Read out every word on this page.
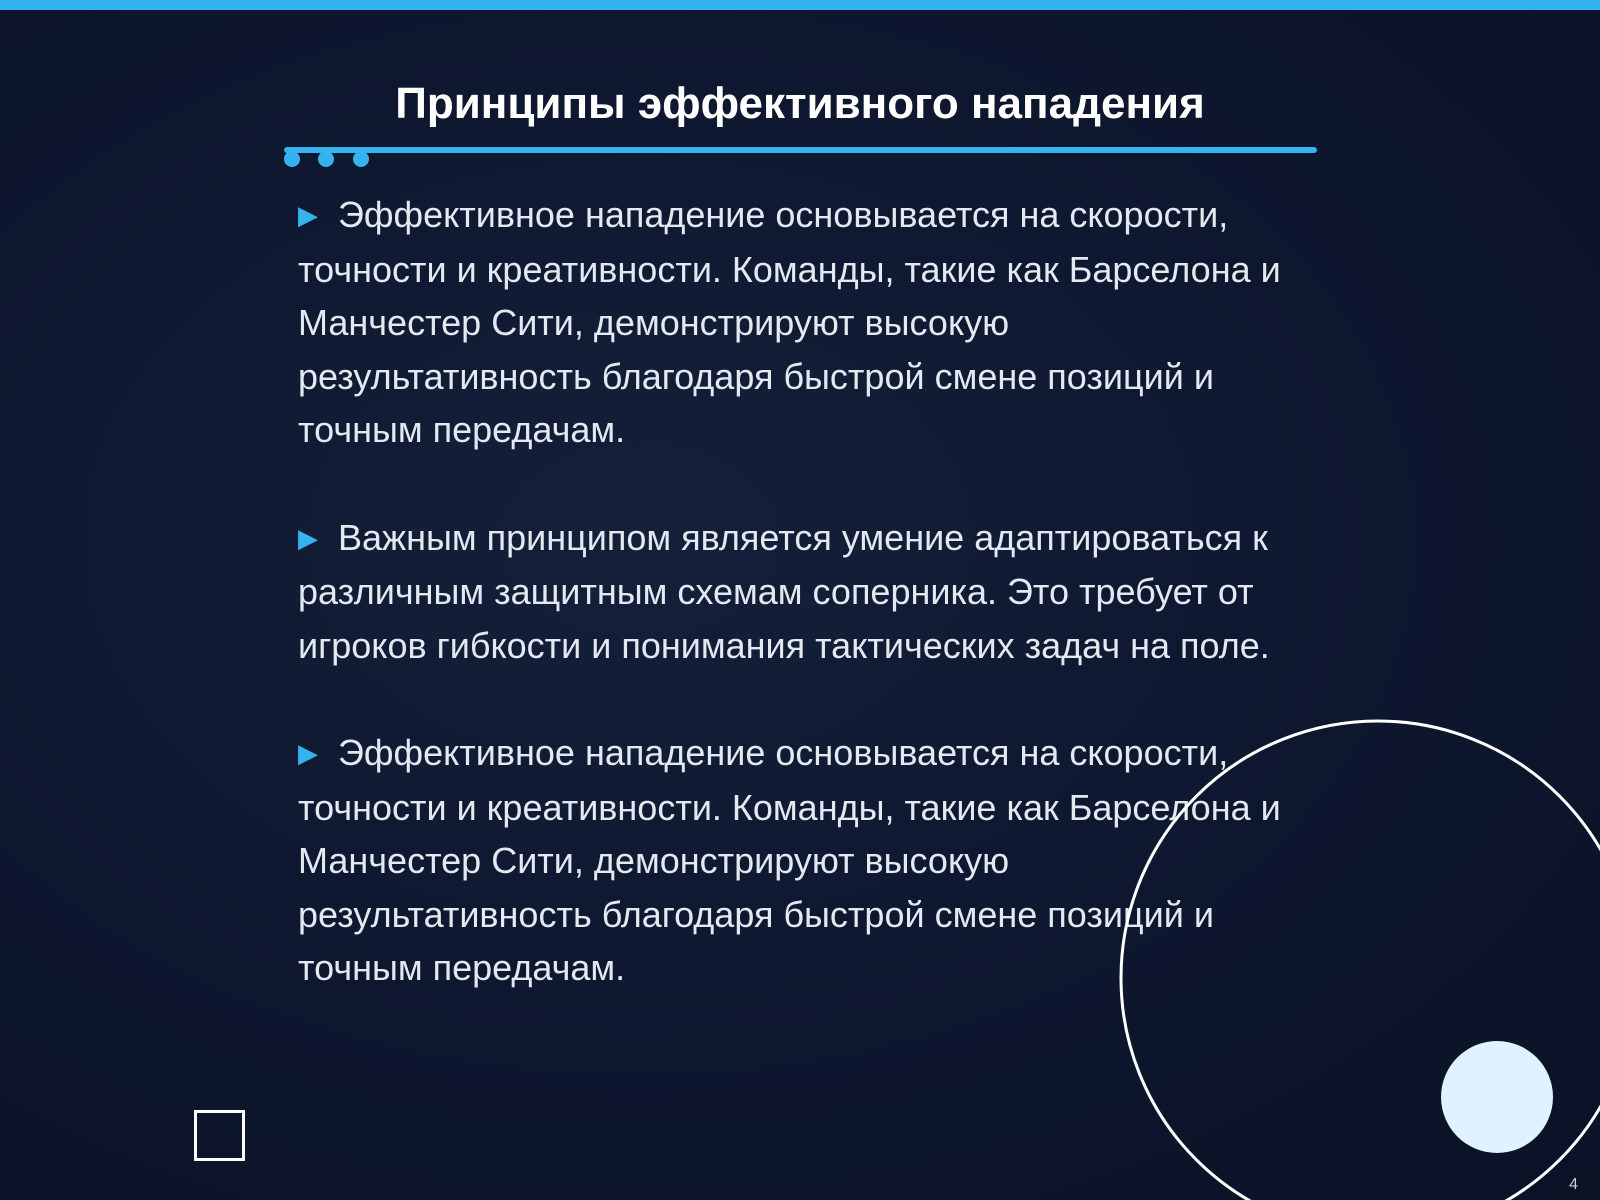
Принципы эффективного нападения

▶ Эффективное нападение основывается на скорости, точности и креативности. Команды, такие как Барселона и Манчестер Сити, демонстрируют высокую результативность благодаря быстрой смене позиций и точным передачам.

▶ Важным принципом является умение адаптироваться к различным защитным схемам соперника. Это требует от игроков гибкости и понимания тактических задач на поле.

▶ Эффективное нападение основывается на скорости, точности и креативности. Команды, такие как Барселона и Манчестер Сити, демонстрируют высокую результативность благодаря быстрой смене позиций и точным передачам.

4
